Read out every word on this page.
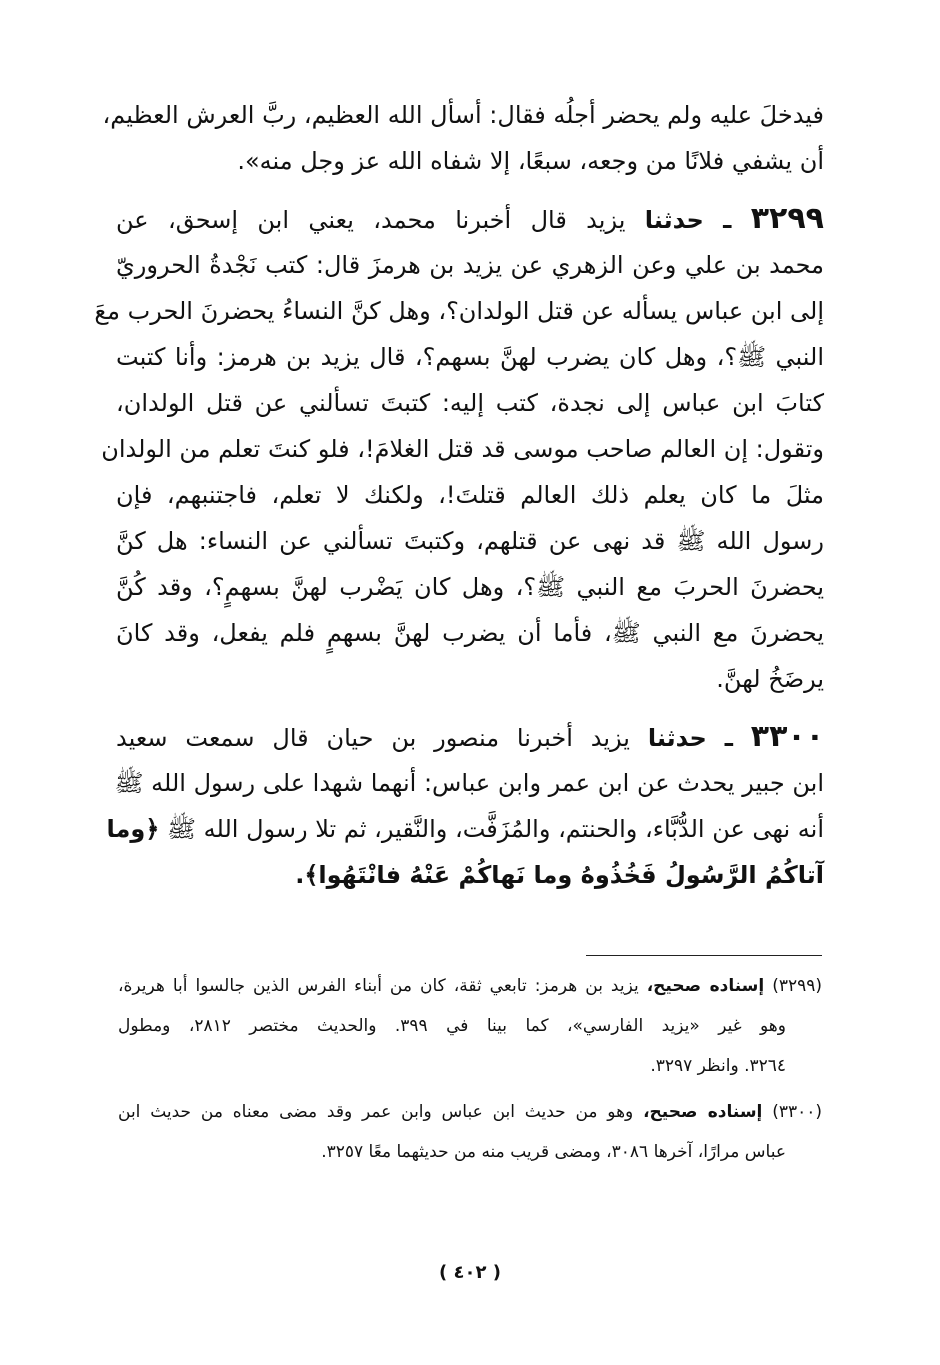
فيدخلَ عليه ولم يحضر أجلُه فقال: أسأل الله العظيم، ربَّ العرش العظيم،
أن يشفي فلانًا من وجعه، سبعًا، إلا شفاه الله عز وجل منه».
٣٢٩٩ ـ حدثنا يزيد قال أخبرنا محمد، يعني ابن إسحق، عن
محمد بن علي وعن الزهري عن يزيد بن هرمزَ قال: كتب نَجْدةُ الحروريّ
إلى ابن عباس يسأله عن قتل الولدان؟، وهل كنَّ النساءُ يحضرنَ الحرب معَ
النبي ﷺ؟، وهل كان يضرب لهنَّ بسهم؟، قال يزيد بن هرمز: وأنا كتبت
كتابَ ابن عباس إلى نجدة، كتب إليه: كتبتَ تسألني عن قتل الولدان،
وتقول: إن العالم صاحب موسى قد قتل الغلامَ!، فلو كنتَ تعلم من الولدان
مثلَ ما كان يعلم ذلك العالم قتلتَ!، ولكنك لا تعلم، فاجتنبهم، فإن
رسول الله ﷺ قد نهى عن قتلهم، وكتبتَ تسألني عن النساء: هل كنَّ
يحضرنَ الحربَ مع النبي ﷺ؟، وهل كان يَضْرب لهنَّ بسهمٍ؟، وقد كُنَّ
يحضرنَ مع النبي ﷺ، فأما أن يضرب لهنَّ بسهمٍ فلم يفعل، وقد كانَ
يرضَخُ لهنَّ.
٣٣٠٠ ـ حدثنا يزيد أخبرنا منصور بن حيان قال سمعت سعيد
ابن جبير يحدث عن ابن عمر وابن عباس: أنهما شهدا على رسول الله ﷺ
أنه نهى عن الدُّبَّاء، والحنتم، والمُزَفَّت، والنَّقير، ثم تلا رسول الله ﷺ ﴿وما
آتاكُمُ الرَّسُولُ فَخُذُوهُ وما نَهاكُمْ عَنْهُ فانْتَهُوا﴾.
(٣٢٩٩) إسناده صحيح، يزيد بن هرمز: تابعي ثقة، كان من أبناء الفرس الذين جالسوا أبا هريرة،
وهو غير «يزيد الفارسي»، كما بينا في ٣٩٩. والحديث مختصر ٢٨١٢، ومطول
٣٢٦٤. وانظر ٣٢٩٧.
(٣٣٠٠) إسناده صحيح، وهو من حديث ابن عباس وابن عمر وقد مضى معناه من حديث ابن
عباس مرارًا، آخرها ٣٠٨٦، ومضى قريب منه من حديثهما معًا ٣٢٥٧.
( ٤٠٢ )
